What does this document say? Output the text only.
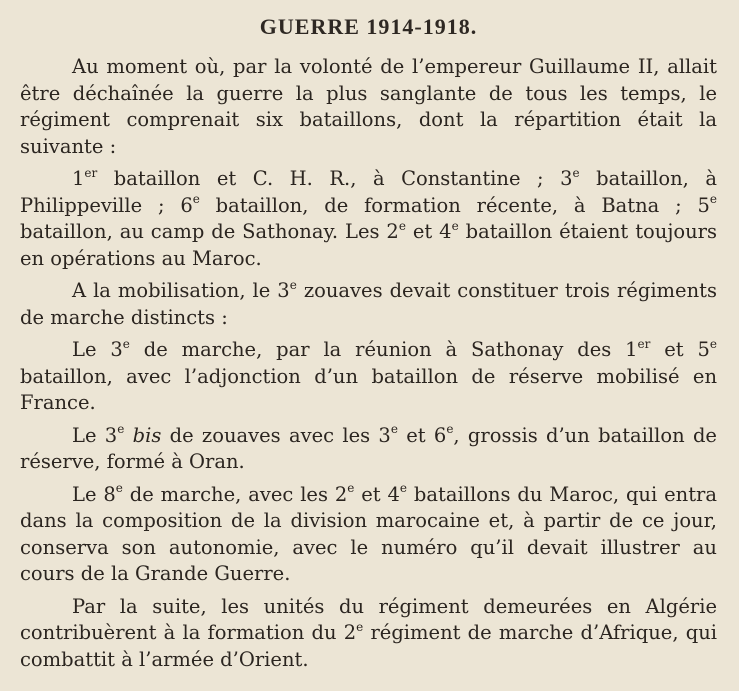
GUERRE 1914-1918.

Au moment où, par la volonté de l’empereur Guillaume II, allait être déchaînée la guerre la plus sanglante de tous les temps, le régiment comprenait six bataillons, dont la répartition était la suivante :

1er bataillon et C. H. R., à Constantine ; 3e bataillon, à Philippeville ; 6e bataillon, de formation récente, à Batna ; 5e bataillon, au camp de Sathonay. Les 2e et 4e bataillon étaient toujours en opérations au Maroc.

A la mobilisation, le 3e zouaves devait constituer trois régiments de marche distincts :

Le 3e de marche, par la réunion à Sathonay des 1er et 5e bataillon, avec l’adjonction d’un bataillon de réserve mobilisé en France.

Le 3e bis de zouaves avec les 3e et 6e, grossis d’un bataillon de réserve, formé à Oran.

Le 8e de marche, avec les 2e et 4e bataillons du Maroc, qui entra dans la composition de la division marocaine et, à partir de ce jour, conserva son autonomie, avec le numéro qu’il devait illustrer au cours de la Grande Guerre.

Par la suite, les unités du régiment demeurées en Algérie contribuèrent à la formation du 2e régiment de marche d’Afrique, qui combattit à l’armée d’Orient.
